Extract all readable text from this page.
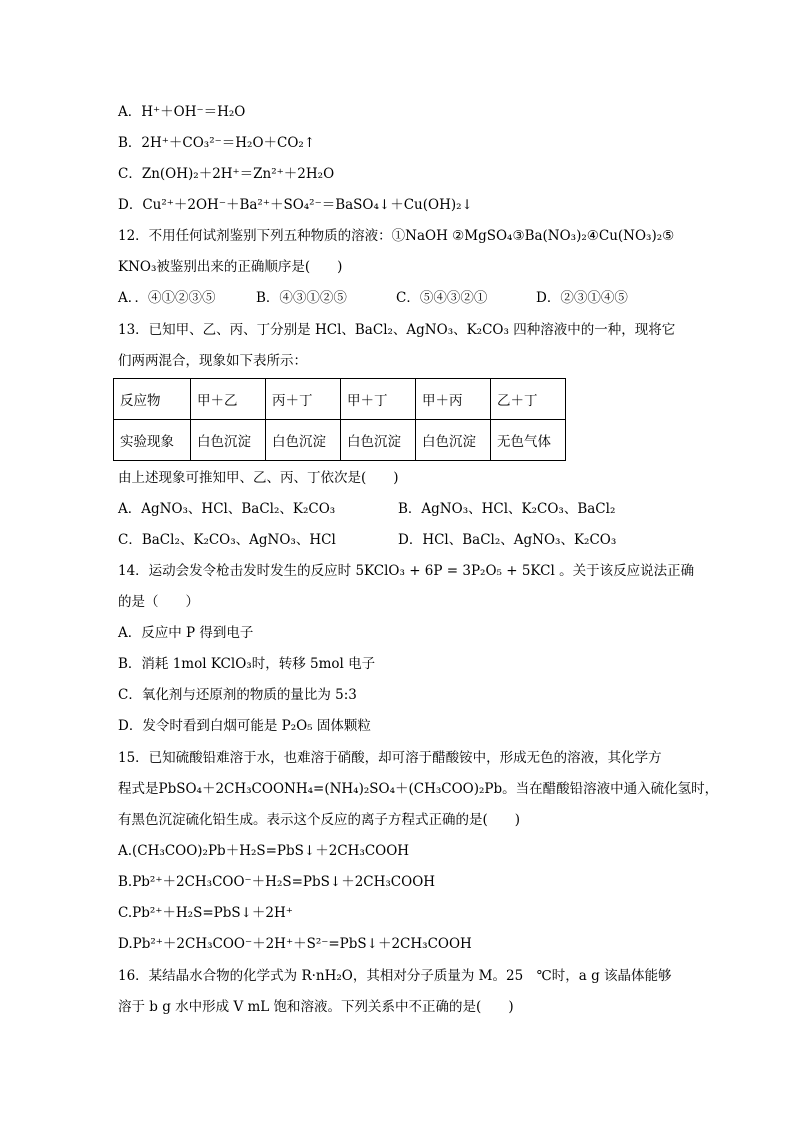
A．H⁺＋OH⁻＝H₂O
B．2H⁺＋CO₃²⁻＝H₂O＋CO₂↑
C．Zn(OH)₂＋2H⁺＝Zn²⁺＋2H₂O
D．Cu²⁺＋2OH⁻＋Ba²⁺＋SO₄²⁻＝BaSO₄↓＋Cu(OH)₂↓
12．不用任何试剂鉴别下列五种物质的溶液：①NaOH ②MgSO₄③Ba(NO₃)₂④Cu(NO₃)₂⑤
KNO₃被鉴别出来的正确顺序是(　　)
A．．④①②③⑤	B．④③①②⑤	C．⑤④③②①	D．②③①④⑤
13．已知甲、乙、丙、丁分别是 HCl、BaCl₂、AgNO₃、K₂CO₃ 四种溶液中的一种，现将它
们两两混合，现象如下表所示：
反应物	甲＋乙	丙＋丁	甲＋丁	甲＋丙	乙＋丁
实验现象	白色沉淀	白色沉淀	白色沉淀	白色沉淀	无色气体
由上述现象可推知甲、乙、丙、丁依次是(　　)
A．AgNO₃、HCl、BaCl₂、K₂CO₃	B．AgNO₃、HCl、K₂CO₃、BaCl₂
C．BaCl₂、K₂CO₃、AgNO₃、HCl	D．HCl、BaCl₂、AgNO₃、K₂CO₃
14．运动会发令枪击发时发生的反应时 5KClO₃ + 6P = 3P₂O₅ + 5KCl 。关于该反应说法正确
的是（　　）
A．反应中 P 得到电子
B．消耗 1mol KClO₃时，转移 5mol 电子
C．氧化剂与还原剂的物质的量比为 5:3
D．发令时看到白烟可能是 P₂O₅ 固体颗粒
15．已知硫酸铅难溶于水，也难溶于硝酸，却可溶于醋酸铵中，形成无色的溶液，其化学方
程式是PbSO₄＋2CH₃COONH₄=(NH₄)₂SO₄＋(CH₃COO)₂Pb。当在醋酸铅溶液中通入硫化氢时，
有黑色沉淀硫化铅生成。表示这个反应的离子方程式正确的是(　　)
A.(CH₃COO)₂Pb＋H₂S=PbS↓＋2CH₃COOH
B.Pb²⁺＋2CH₃COO⁻＋H₂S=PbS↓＋2CH₃COOH
C.Pb²⁺＋H₂S=PbS↓＋2H⁺
D.Pb²⁺＋2CH₃COO⁻＋2H⁺＋S²⁻=PbS↓＋2CH₃COOH
16．某结晶水合物的化学式为 R·nH₂O，其相对分子质量为 M。25　℃时，a g 该晶体能够
溶于 b g 水中形成 V mL 饱和溶液。下列关系中不正确的是(　　)
